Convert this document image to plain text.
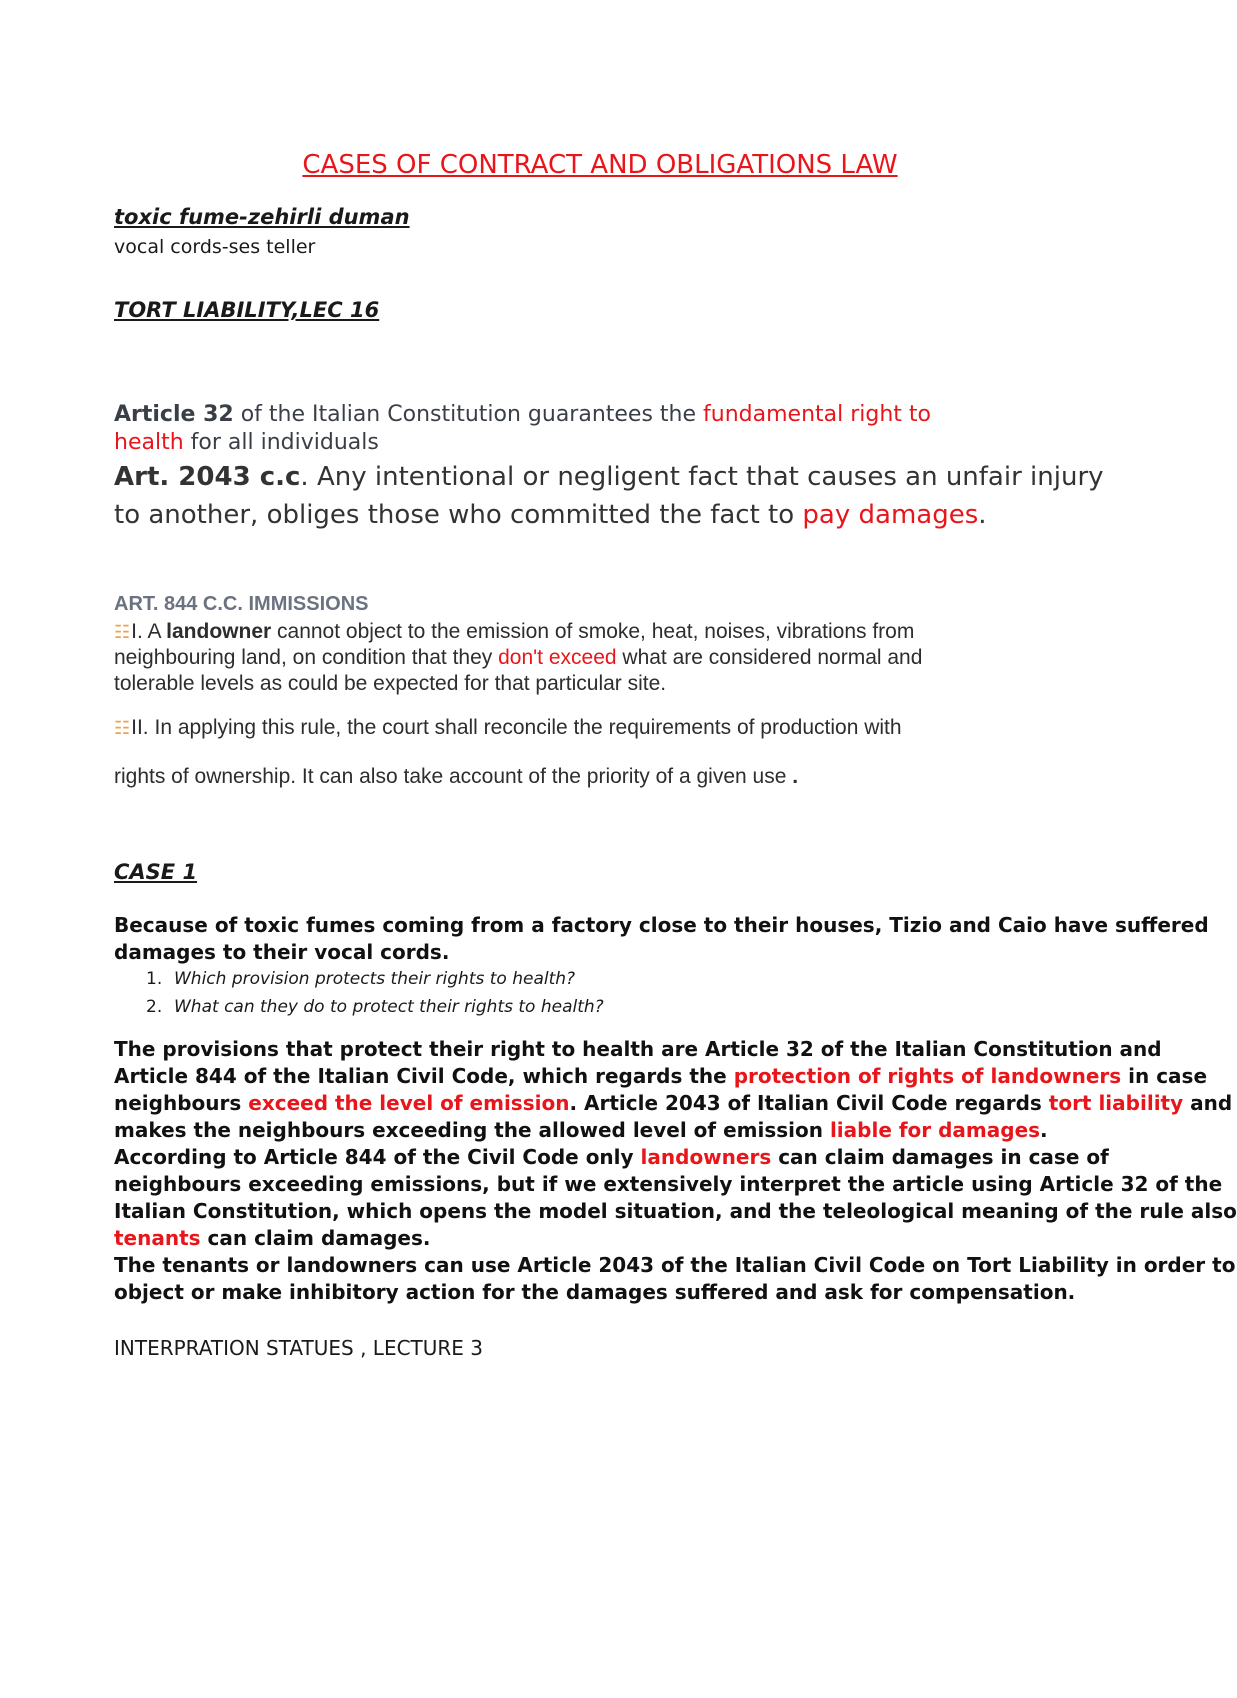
CASES OF CONTRACT AND OBLIGATIONS LAW
toxic fume-zehirli duman
vocal cords-ses teller
TORT LIABILITY,LEC 16
Article 32 of the Italian Constitution guarantees the fundamental right to
health for all individuals
Art. 2043 c.c. Any intentional or negligent fact that causes an unfair injury
to another, obliges those who committed the fact to pay damages.
ART. 844 C.C. IMMISSIONS
☷I. A landowner cannot object to the emission of smoke, heat, noises, vibrations from
neighbouring land, on condition that they don't exceed what are considered normal and
tolerable levels as could be expected for that particular site.
☷II. In applying this rule, the court shall reconcile the requirements of production with
rights of ownership. It can also take account of the priority of a given use .
CASE 1
Because of toxic fumes coming from a factory close to their houses, Tizio and Caio have suffered
damages to their vocal cords.
1. Which provision protects their rights to health?
2. What can they do to protect their rights to health?
The provisions that protect their right to health are Article 32 of the Italian Constitution and
Article 844 of the Italian Civil Code, which regards the protection of rights of landowners in case
neighbours exceed the level of emission. Article 2043 of Italian Civil Code regards tort liability and
makes the neighbours exceeding the allowed level of emission liable for damages.
According to Article 844 of the Civil Code only landowners can claim damages in case of
neighbours exceeding emissions, but if we extensively interpret the article using Article 32 of the
Italian Constitution, which opens the model situation, and the teleological meaning of the rule also
tenants can claim damages.
The tenants or landowners can use Article 2043 of the Italian Civil Code on Tort Liability in order to
object or make inhibitory action for the damages suffered and ask for compensation.
INTERPRATION STATUES , LECTURE 3
